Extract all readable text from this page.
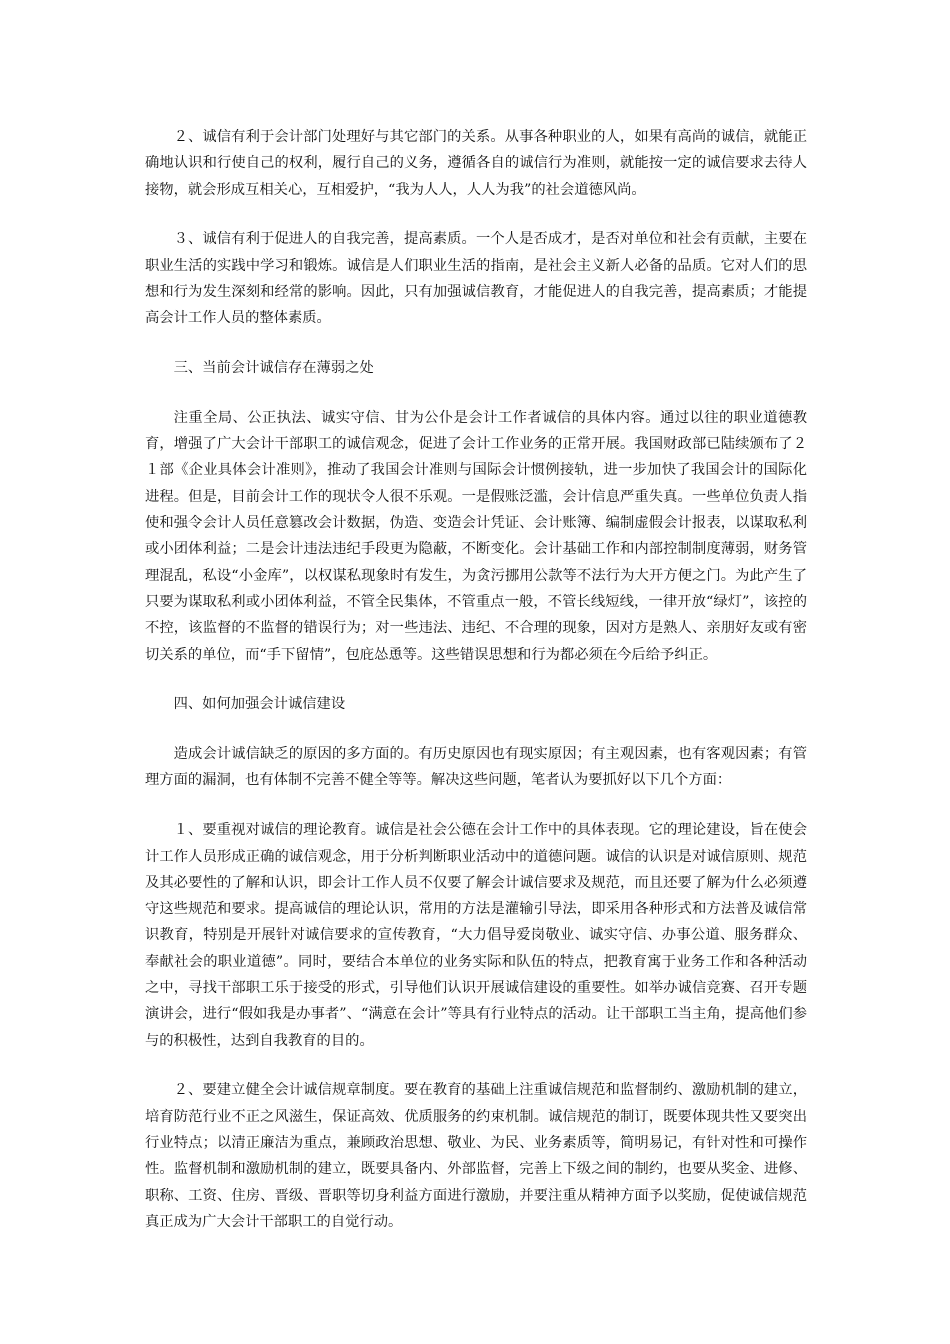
２、诚信有利于会计部门处理好与其它部门的关系。从事各种职业的人，如果有高尚的诚信，就能正确地认识和行使自己的权利，履行自己的义务，遵循各自的诚信行为准则，就能按一定的诚信要求去待人接物，就会形成互相关心，互相爱护，“我为人人，人人为我”的社会道德风尚。

３、诚信有利于促进人的自我完善，提高素质。一个人是否成才，是否对单位和社会有贡献，主要在职业生活的实践中学习和锻炼。诚信是人们职业生活的指南，是社会主义新人必备的品质。它对人们的思想和行为发生深刻和经常的影响。因此，只有加强诚信教育，才能促进人的自我完善，提高素质；才能提高会计工作人员的整体素质。

三、当前会计诚信存在薄弱之处

注重全局、公正执法、诚实守信、甘为公仆是会计工作者诚信的具体内容。通过以往的职业道德教育，增强了广大会计干部职工的诚信观念，促进了会计工作业务的正常开展。我国财政部已陆续颁布了２１部《企业具体会计准则》，推动了我国会计准则与国际会计惯例接轨，进一步加快了我国会计的国际化进程。但是，目前会计工作的现状令人很不乐观。一是假账泛滥，会计信息严重失真。一些单位负责人指使和强令会计人员任意篡改会计数据，伪造、变造会计凭证、会计账簿、编制虚假会计报表，以谋取私利或小团体利益；二是会计违法违纪手段更为隐蔽，不断变化。会计基础工作和内部控制制度薄弱，财务管理混乱，私设“小金库”，以权谋私现象时有发生，为贪污挪用公款等不法行为大开方便之门。为此产生了只要为谋取私利或小团体利益，不管全民集体，不管重点一般，不管长线短线，一律开放“绿灯”，该控的不控，该监督的不监督的错误行为；对一些违法、违纪、不合理的现象，因对方是熟人、亲朋好友或有密切关系的单位，而“手下留情”，包庇怂恿等。这些错误思想和行为都必须在今后给予纠正。

四、如何加强会计诚信建设

造成会计诚信缺乏的原因的多方面的。有历史原因也有现实原因；有主观因素，也有客观因素；有管理方面的漏洞，也有体制不完善不健全等等。解决这些问题，笔者认为要抓好以下几个方面：

１、要重视对诚信的理论教育。诚信是社会公德在会计工作中的具体表现。它的理论建设，旨在使会计工作人员形成正确的诚信观念，用于分析判断职业活动中的道德问题。诚信的认识是对诚信原则、规范及其必要性的了解和认识，即会计工作人员不仅要了解会计诚信要求及规范，而且还要了解为什么必须遵守这些规范和要求。提高诚信的理论认识，常用的方法是灌输引导法，即采用各种形式和方法普及诚信常识教育，特别是开展针对诚信要求的宣传教育，“大力倡导爱岗敬业、诚实守信、办事公道、服务群众、奉献社会的职业道德”。同时，要结合本单位的业务实际和队伍的特点，把教育寓于业务工作和各种活动之中，寻找干部职工乐于接受的形式，引导他们认识开展诚信建设的重要性。如举办诚信竞赛、召开专题演讲会，进行“假如我是办事者”、“满意在会计”等具有行业特点的活动。让干部职工当主角，提高他们参与的积极性，达到自我教育的目的。

２、要建立健全会计诚信规章制度。要在教育的基础上注重诚信规范和监督制约、激励机制的建立，培育防范行业不正之风滋生，保证高效、优质服务的约束机制。诚信规范的制订，既要体现共性又要突出行业特点；以清正廉洁为重点，兼顾政治思想、敬业、为民、业务素质等，简明易记，有针对性和可操作性。监督机制和激励机制的建立，既要具备内、外部监督，完善上下级之间的制约，也要从奖金、进修、职称、工资、住房、晋级、晋职等切身利益方面进行激励，并要注重从精神方面予以奖励，促使诚信规范真正成为广大会计干部职工的自觉行动。
